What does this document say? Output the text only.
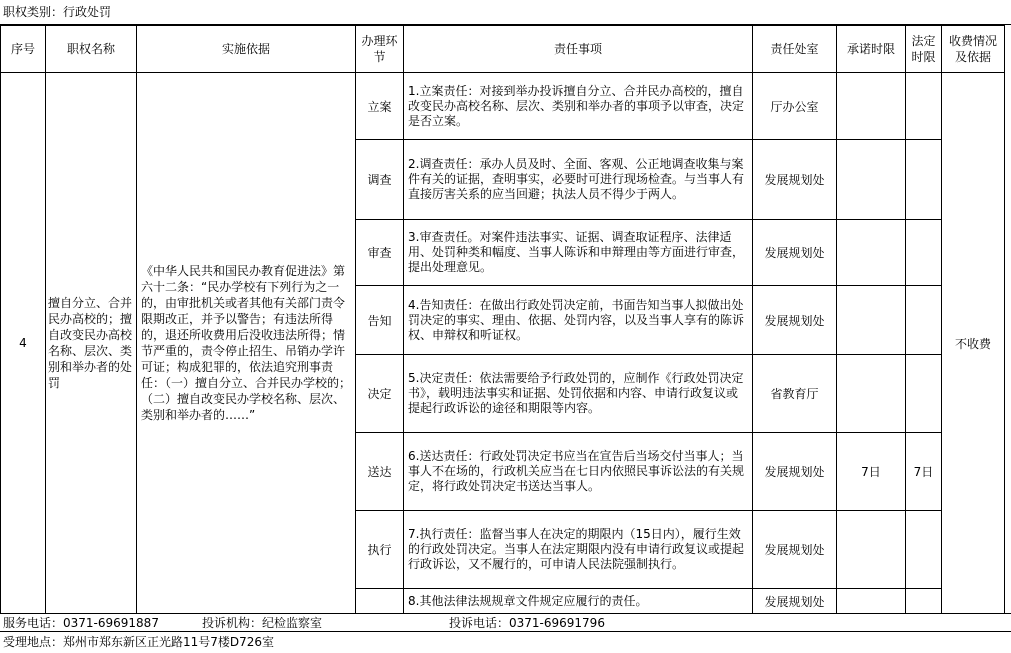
职权类别：行政处罚
序号	职权名称	实施依据	办理环节	责任事项	责任处室	承诺时限	法定时限	收费情况及依据
4	擅自分立、合并民办高校的；擅自改变民办高校名称、层次、类别和举办者的处罚	《中华人民共和国民办教育促进法》第六十二条：“民办学校有下列行为之一的，由审批机关或者其他有关部门责令限期改正，并予以警告；有违法所得的，退还所收费用后没收违法所得；情节严重的，责令停止招生、吊销办学许可证；构成犯罪的，依法追究刑事责任：（一）擅自分立、合并民办学校的；（二）擅自改变民办学校名称、层次、类别和举办者的……”	立案	1.立案责任：对接到举办投诉擅自分立、合并民办高校的，擅自改变民办高校名称、层次、类别和举办者的事项予以审查，决定是否立案。	厅办公室			不收费
			调查	2.调查责任：承办人员及时、全面、客观、公正地调查收集与案件有关的证据，查明事实，必要时可进行现场检查。与当事人有直接厉害关系的应当回避；执法人员不得少于两人。	发展规划处			
			审查	3.审查责任。对案件违法事实、证据、调查取证程序、法律适用、处罚种类和幅度、当事人陈诉和申辩理由等方面进行审查，提出处理意见。	发展规划处			
			告知	4.告知责任：在做出行政处罚决定前，书面告知当事人拟做出处罚决定的事实、理由、依据、处罚内容，以及当事人享有的陈诉权、申辩权和听证权。	发展规划处			
			决定	5.决定责任：依法需要给予行政处罚的，应制作《行政处罚决定书》，载明违法事实和证据、处罚依据和内容、申请行政复议或提起行政诉讼的途径和期限等内容。	省教育厅			
			送达	6.送达责任：行政处罚决定书应当在宣告后当场交付当事人；当事人不在场的，行政机关应当在七日内依照民事诉讼法的有关规定，将行政处罚决定书送达当事人。	发展规划处	7日	7日	
			执行	7.执行责任：监督当事人在决定的期限内（15日内），履行生效的行政处罚决定。当事人在法定期限内没有申请行政复议或提起行政诉讼，又不履行的，可申请人民法院强制执行。	发展规划处			
				8.其他法律法规规章文件规定应履行的责任。	发展规划处			
服务电话：0371-69691887	投诉机构：纪检监察室	投诉电话：0371-69691796
受理地点：郑州市郑东新区正光路11号7楼D726室
